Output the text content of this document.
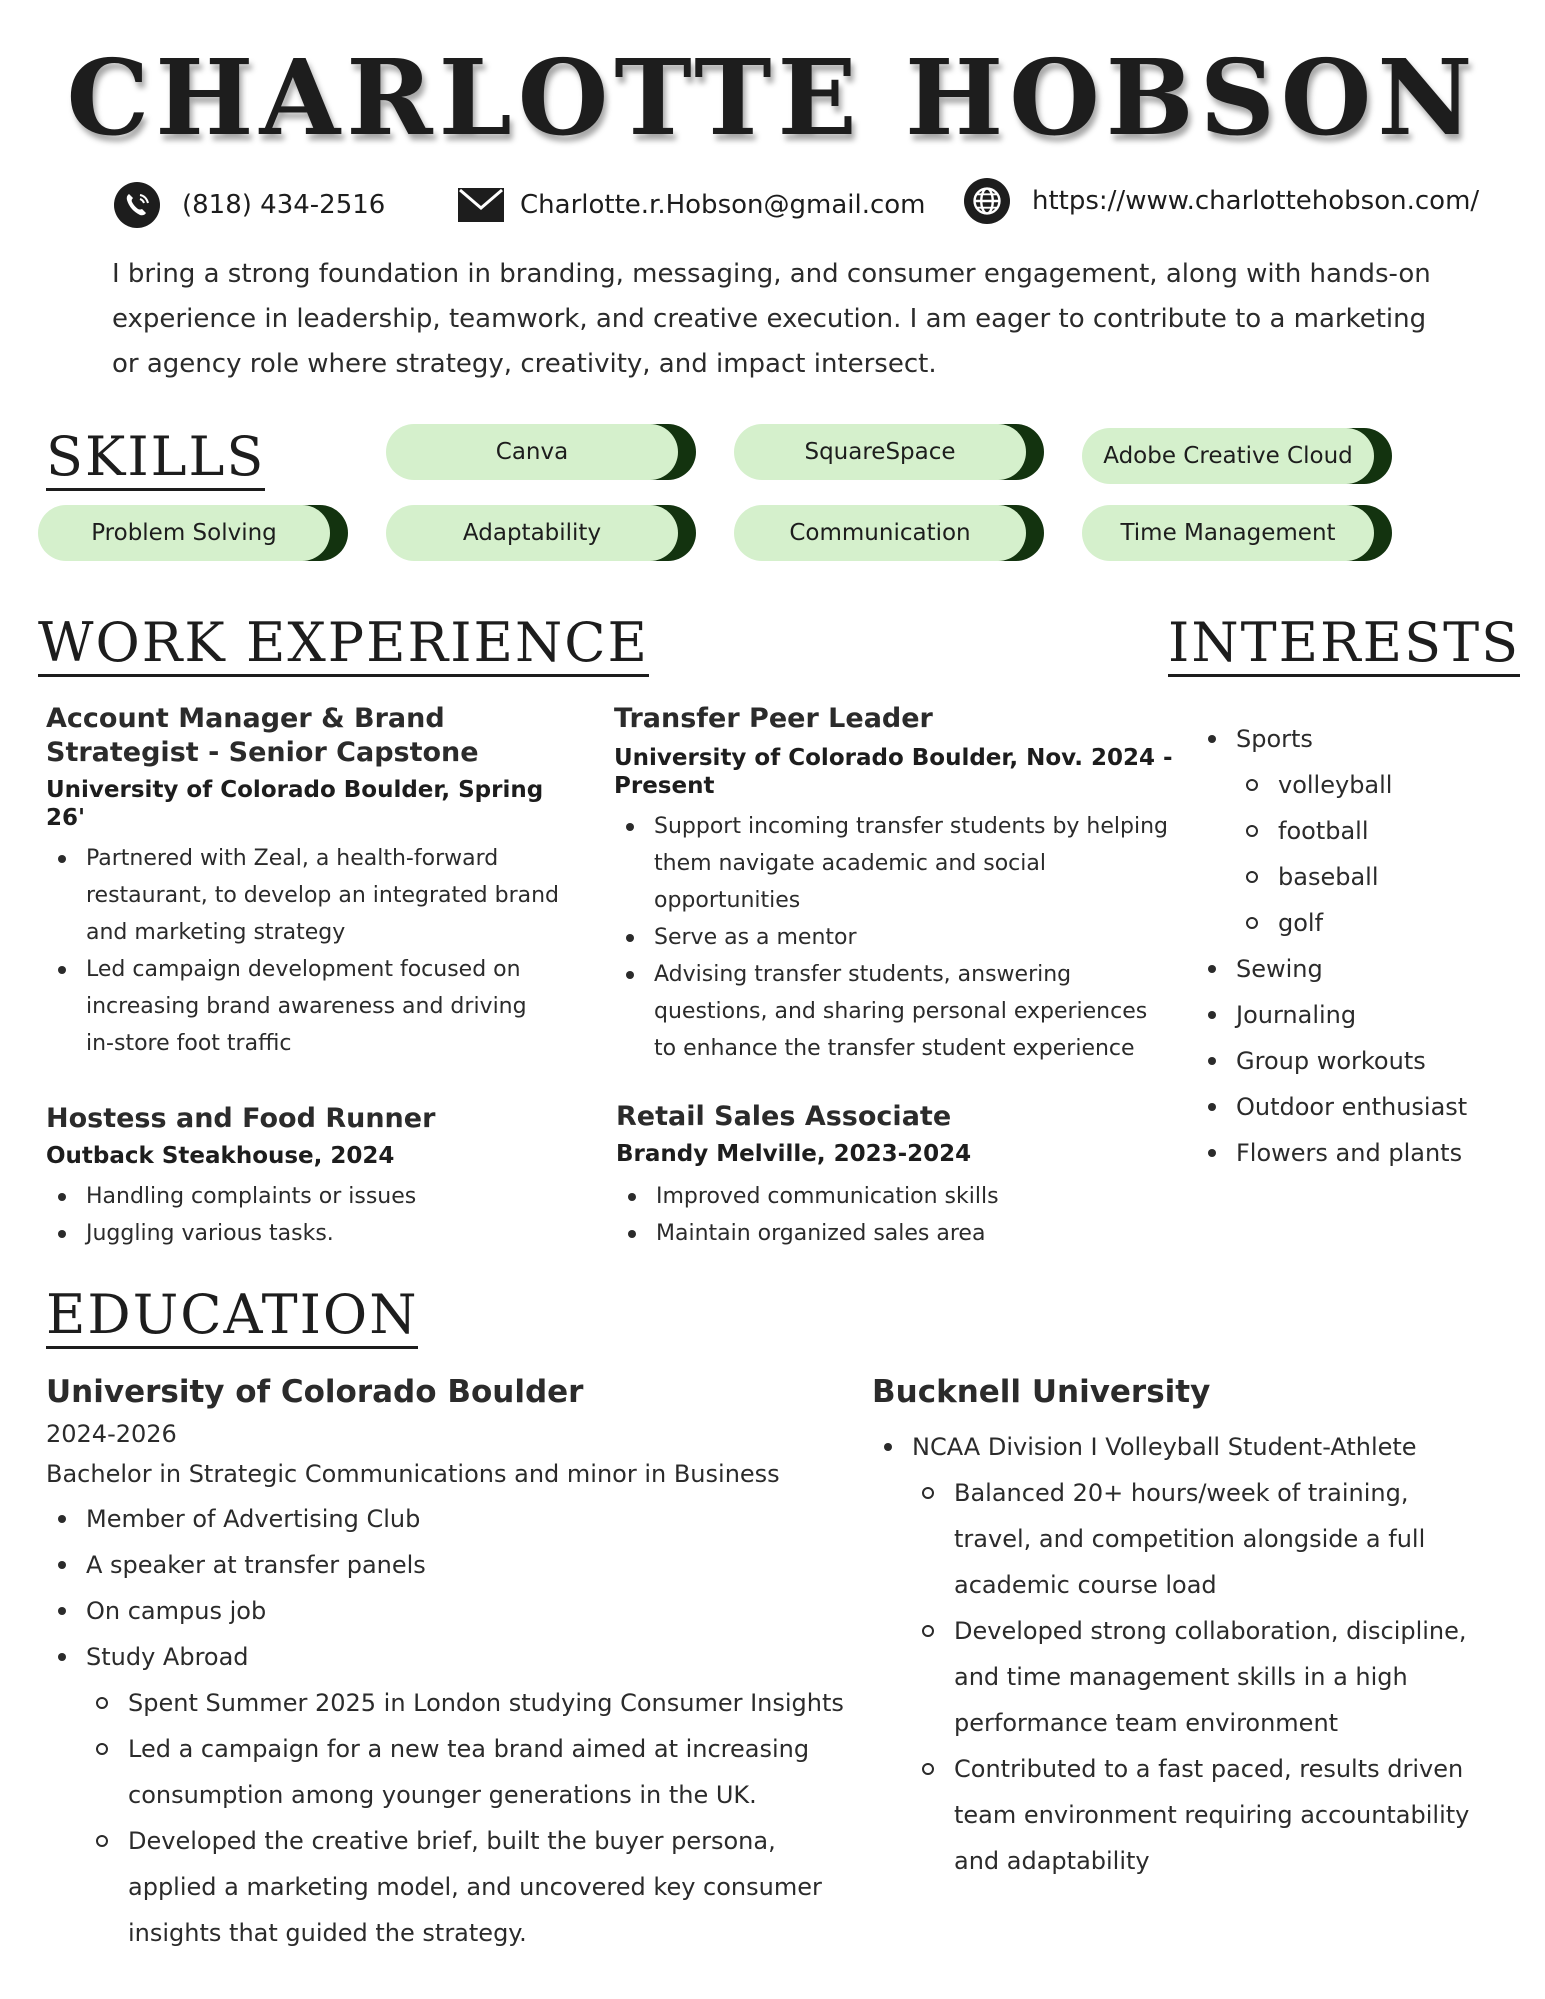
CHARLOTTE HOBSON
(818) 434-2516	Charlotte.r.Hobson@gmail.com	https://www.charlottehobson.com/
I bring a strong foundation in branding, messaging, and consumer engagement, along with hands-on experience in leadership, teamwork, and creative execution. I am eager to contribute to a marketing or agency role where strategy, creativity, and impact intersect.
SKILLS	Canva	SquareSpace	Adobe Creative Cloud
Problem Solving	Adaptability	Communication	Time Management
WORK EXPERIENCE
Account Manager & Brand
Strategist - Senior Capstone
University of Colorado Boulder, Spring 26'
Partnered with Zeal, a health-forward
restaurant, to develop an integrated brand
and marketing strategy
Led campaign development focused on
increasing brand awareness and driving
in-store foot traffic
Transfer Peer Leader
University of Colorado Boulder, Nov. 2024 -
Present
Support incoming transfer students by helping
them navigate academic and social
opportunities
Serve as a mentor
Advising transfer students, answering
questions, and sharing personal experiences
to enhance the transfer student experience
Hostess and Food Runner
Outback Steakhouse, 2024
Handling complaints or issues
Juggling various tasks.
Retail Sales Associate
Brandy Melville, 2023-2024
Improved communication skills
Maintain organized sales area
INTERESTS
Sports
volleyball
football
baseball
golf
Sewing
Journaling
Group workouts
Outdoor enthusiast
Flowers and plants
EDUCATION
University of Colorado Boulder
2024-2026
Bachelor in Strategic Communications and minor in Business
Member of Advertising Club
A speaker at transfer panels
On campus job
Study Abroad
Spent Summer 2025 in London studying Consumer Insights
Led a campaign for a new tea brand aimed at increasing
consumption among younger generations in the UK.
Developed the creative brief, built the buyer persona,
applied a marketing model, and uncovered key consumer
insights that guided the strategy.
Bucknell University
NCAA Division I Volleyball Student-Athlete
Balanced 20+ hours/week of training,
travel, and competition alongside a full
academic course load
Developed strong collaboration, discipline,
and time management skills in a high
performance team environment
Contributed to a fast paced, results driven
team environment requiring accountability
and adaptability
